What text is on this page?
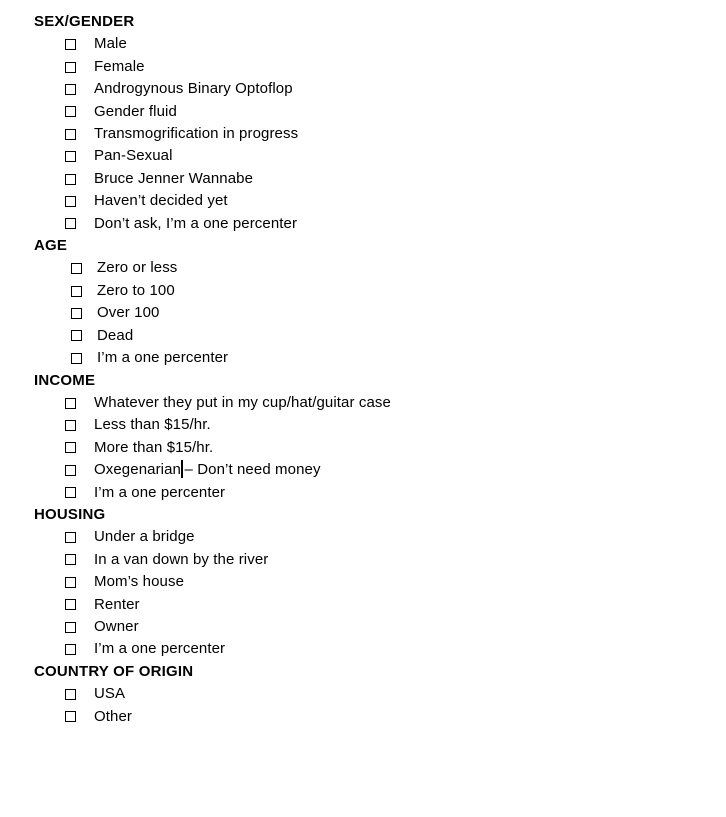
SEX/GENDER
Male
Female
Androgynous Binary Optoflop
Gender fluid
Transmogrification in progress
Pan-Sexual
Bruce Jenner Wannabe
Haven’t decided yet
Don’t ask, I’m a one percenter
AGE
Zero or less
Zero to 100
Over 100
Dead
I’m a one percenter
INCOME
Whatever they put in my cup/hat/guitar case
Less than $15/hr.
More than $15/hr.
Oxegenarian – Don’t need money
I’m a one percenter
HOUSING
Under a bridge
In a van down by the river
Mom’s house
Renter
Owner
I’m a one percenter
COUNTRY OF ORIGIN
USA
Other
